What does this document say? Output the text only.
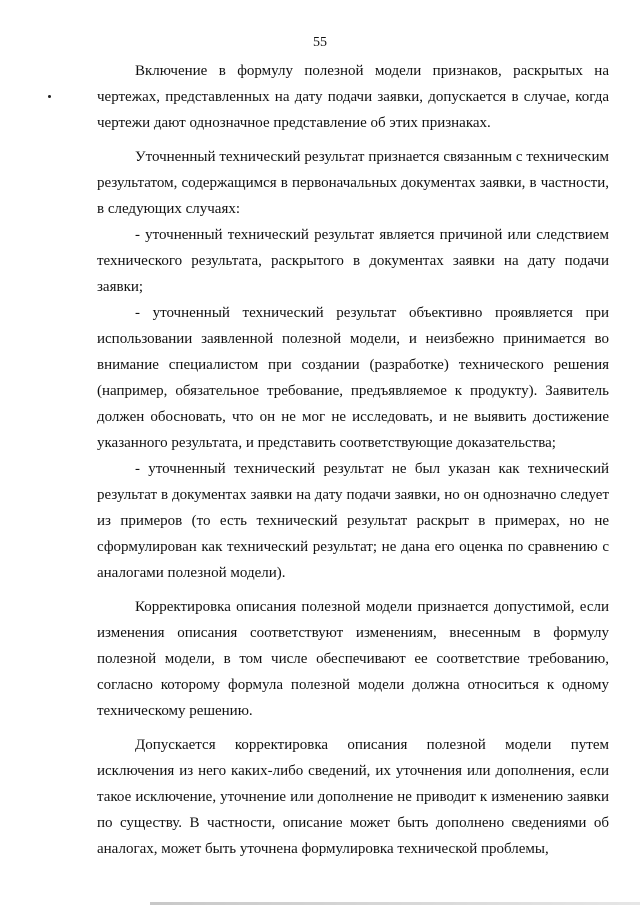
55

Включение в формулу полезной модели признаков, раскрытых на чертежах, представленных на дату подачи заявки, допускается в случае, когда чертежи дают однозначное представление об этих признаках.

Уточненный технический результат признается связанным с техническим результатом, содержащимся в первоначальных документах заявки, в частности, в следующих случаях:

- уточненный технический результат является причиной или следствием технического результата, раскрытого в документах заявки на дату подачи заявки;

- уточненный технический результат объективно проявляется при использовании заявленной полезной модели, и неизбежно принимается во внимание специалистом при создании (разработке) технического решения (например, обязательное требование, предъявляемое к продукту). Заявитель должен обосновать, что он не мог не исследовать, и не выявить достижение указанного результата, и представить соответствующие доказательства;

- уточненный технический результат не был указан как технический результат в документах заявки на дату подачи заявки, но он однозначно следует из примеров (то есть технический результат раскрыт в примерах, но не сформулирован как технический результат; не дана его оценка по сравнению с аналогами полезной модели).

Корректировка описания полезной модели признается допустимой, если изменения описания соответствуют изменениям, внесенным в формулу полезной модели, в том числе обеспечивают ее соответствие требованию, согласно которому формула полезной модели должна относиться к одному техническому решению.

Допускается корректировка описания полезной модели путем исключения из него каких-либо сведений, их уточнения или дополнения, если такое исключение, уточнение или дополнение не приводит к изменению заявки по существу. В частности, описание может быть дополнено сведениями об аналогах, может быть уточнена формулировка технической проблемы,
